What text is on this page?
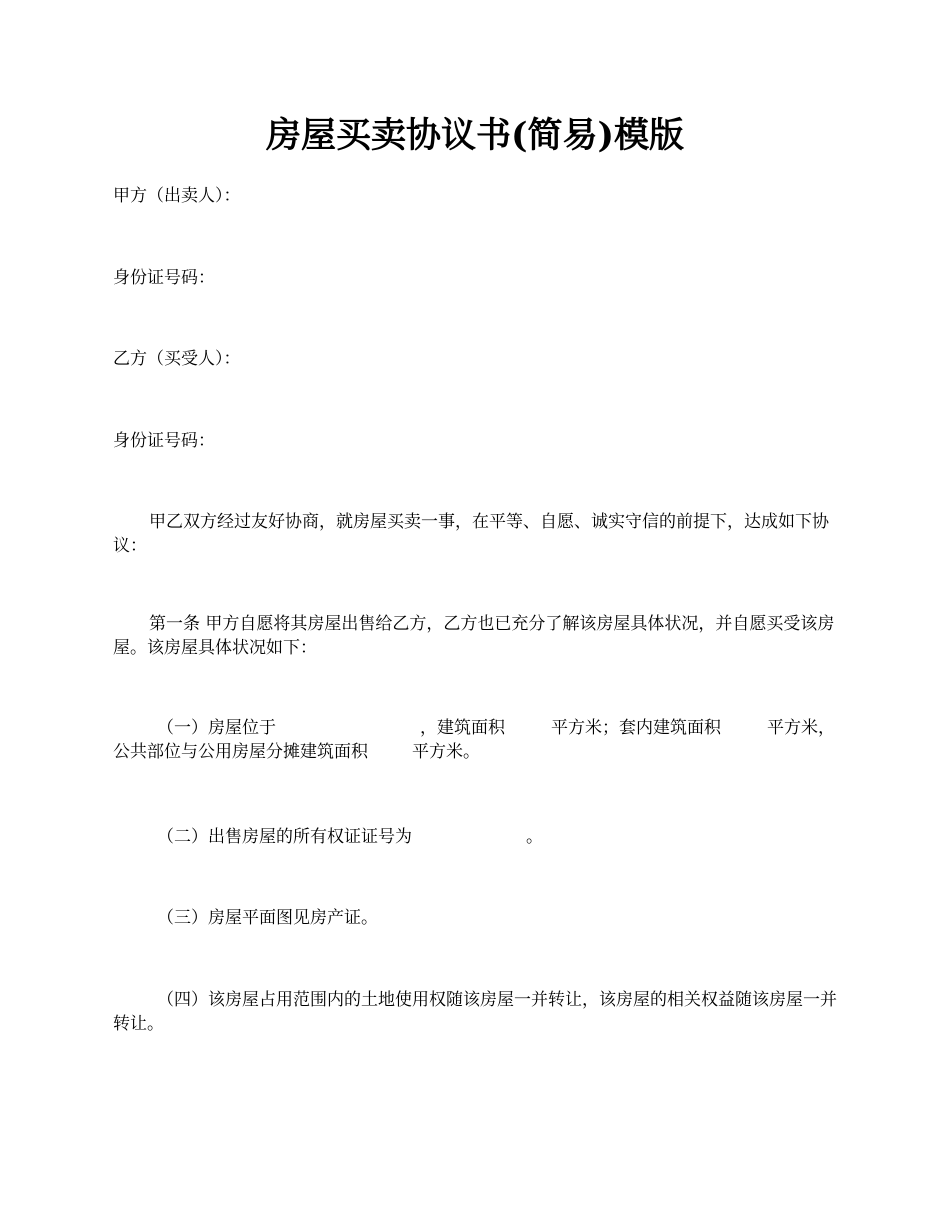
房屋买卖协议书(简易)模版
甲方（出卖人）：
身份证号码：
乙方（买受人）：
身份证号码：
甲乙双方经过友好协商，就房屋买卖一事，在平等、自愿、诚实守信的前提下，达成如下协议：
第一条 甲方自愿将其房屋出售给乙方，乙方也已充分了解该房屋具体状况，并自愿买受该房屋。该房屋具体状况如下：
（一）房屋位于	，建筑面积	平方米；套内建筑面积	平方米，公共部位与公用房屋分摊建筑面积	平方米。
（二）出售房屋的所有权证证号为	。
（三）房屋平面图见房产证。
（四）该房屋占用范围内的土地使用权随该房屋一并转让，该房屋的相关权益随该房屋一并转让。
